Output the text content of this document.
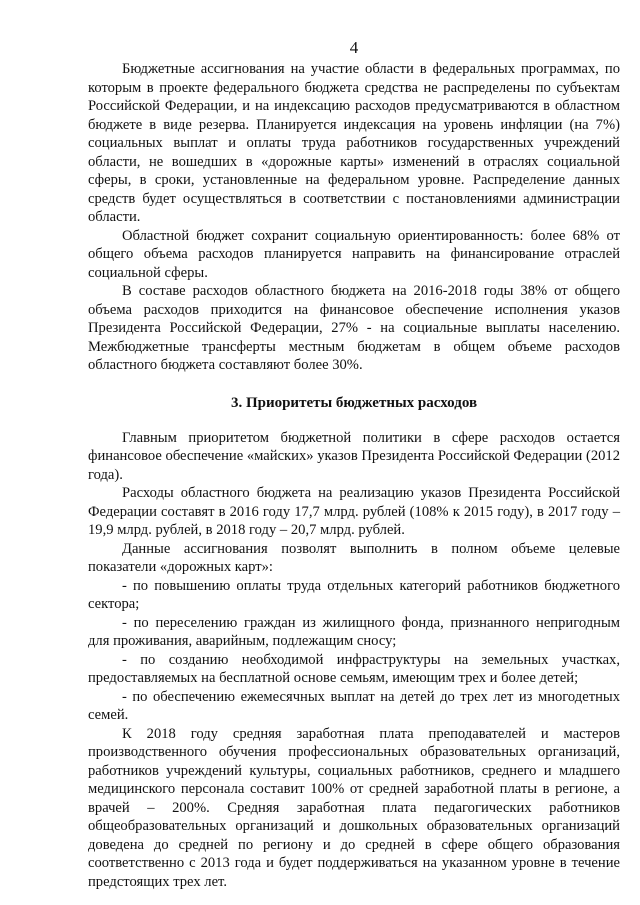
4

Бюджетные ассигнования на участие области в федеральных программах, по которым в проекте федерального бюджета средства не распределены по субъектам Российской Федерации, и на индексацию расходов предусматриваются в областном бюджете в виде резерва. Планируется индексация на уровень инфляции (на 7%) социальных выплат и оплаты труда работников государственных учреждений области, не вошедших в «дорожные карты» изменений в отраслях социальной сферы, в сроки, установленные на федеральном уровне. Распределение данных средств будет осуществляться в соответствии с постановлениями администрации области.

Областной бюджет сохранит социальную ориентированность: более 68% от общего объема расходов планируется направить на финансирование отраслей социальной сферы.

В составе расходов областного бюджета на 2016-2018 годы 38% от общего объема расходов приходится на финансовое обеспечение исполнения указов Президента Российской Федерации, 27% - на социальные выплаты населению. Межбюджетные трансферты местным бюджетам в общем объеме расходов областного бюджета составляют более 30%.

3. Приоритеты бюджетных расходов

Главным приоритетом бюджетной политики в сфере расходов остается финансовое обеспечение «майских» указов Президента Российской Федерации (2012 года).

Расходы областного бюджета на реализацию указов Президента Российской Федерации составят в 2016 году 17,7 млрд. рублей (108% к 2015 году), в 2017 году – 19,9 млрд. рублей, в 2018 году – 20,7 млрд. рублей.

Данные ассигнования позволят выполнить в полном объеме целевые показатели «дорожных карт»:

- по повышению оплаты труда отдельных категорий работников бюджетного сектора;

- по переселению граждан из жилищного фонда, признанного непригодным для проживания, аварийным, подлежащим сносу;

- по созданию необходимой инфраструктуры на земельных участках, предоставляемых на бесплатной основе семьям, имеющим трех и более детей;

- по обеспечению ежемесячных выплат на детей до трех лет из многодетных семей.

К 2018 году средняя заработная плата преподавателей и мастеров производственного обучения профессиональных образовательных организаций, работников учреждений культуры, социальных работников, среднего и младшего медицинского персонала составит 100% от средней заработной платы в регионе, а врачей – 200%. Средняя заработная плата педагогических работников общеобразовательных организаций и дошкольных образовательных организаций доведена до средней по региону и до средней в сфере общего образования соответственно с 2013 года и будет поддерживаться на указанном уровне в течение предстоящих трех лет.
